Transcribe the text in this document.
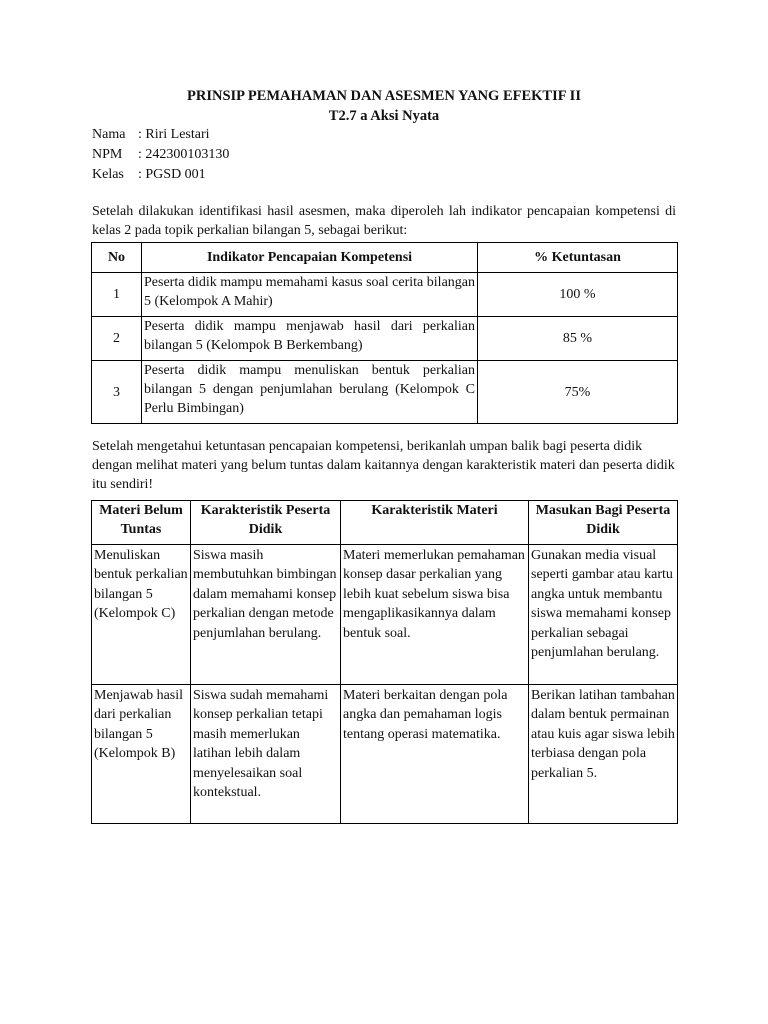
PRINSIP PEMAHAMAN DAN ASESMEN YANG EFEKTIF II
T2.7 a Aksi Nyata
Nama : Riri Lestari
NPM	: 242300103130
Kelas	: PGSD 001
Setelah dilakukan identifikasi hasil asesmen, maka diperoleh lah indikator pencapaian kompetensi di kelas 2 pada topik perkalian bilangan 5, sebagai berikut:
No	Indikator Pencapaian Kompetensi	% Ketuntasan
1	Peserta didik mampu memahami kasus soal cerita bilangan 5 (Kelompok A Mahir)	100 %
2	Peserta didik mampu menjawab hasil dari perkalian bilangan 5 (Kelompok B Berkembang)	85 %
3	Peserta didik mampu menuliskan bentuk perkalian bilangan 5 dengan penjumlahan berulang (Kelompok C Perlu Bimbingan)	75%
Setelah mengetahui ketuntasan pencapaian kompetensi, berikanlah umpan balik bagi peserta didik dengan melihat materi yang belum tuntas dalam kaitannya dengan karakteristik materi dan peserta didik itu sendiri!
Materi Belum Tuntas	Karakteristik Peserta Didik	Karakteristik Materi	Masukan Bagi Peserta Didik
Menuliskan bentuk perkalian bilangan 5 (Kelompok C)	Siswa masih membutuhkan bimbingan dalam memahami konsep perkalian dengan metode penjumlahan berulang.	Materi memerlukan pemahaman konsep dasar perkalian yang lebih kuat sebelum siswa bisa mengaplikasikannya dalam bentuk soal.	Gunakan media visual seperti gambar atau kartu angka untuk membantu siswa memahami konsep perkalian sebagai penjumlahan berulang.
Menjawab hasil dari perkalian bilangan 5 (Kelompok B)	Siswa sudah memahami konsep perkalian tetapi masih memerlukan latihan lebih dalam menyelesaikan soal kontekstual.	Materi berkaitan dengan pola angka dan pemahaman logis tentang operasi matematika.	Berikan latihan tambahan dalam bentuk permainan atau kuis agar siswa lebih terbiasa dengan pola perkalian 5.
